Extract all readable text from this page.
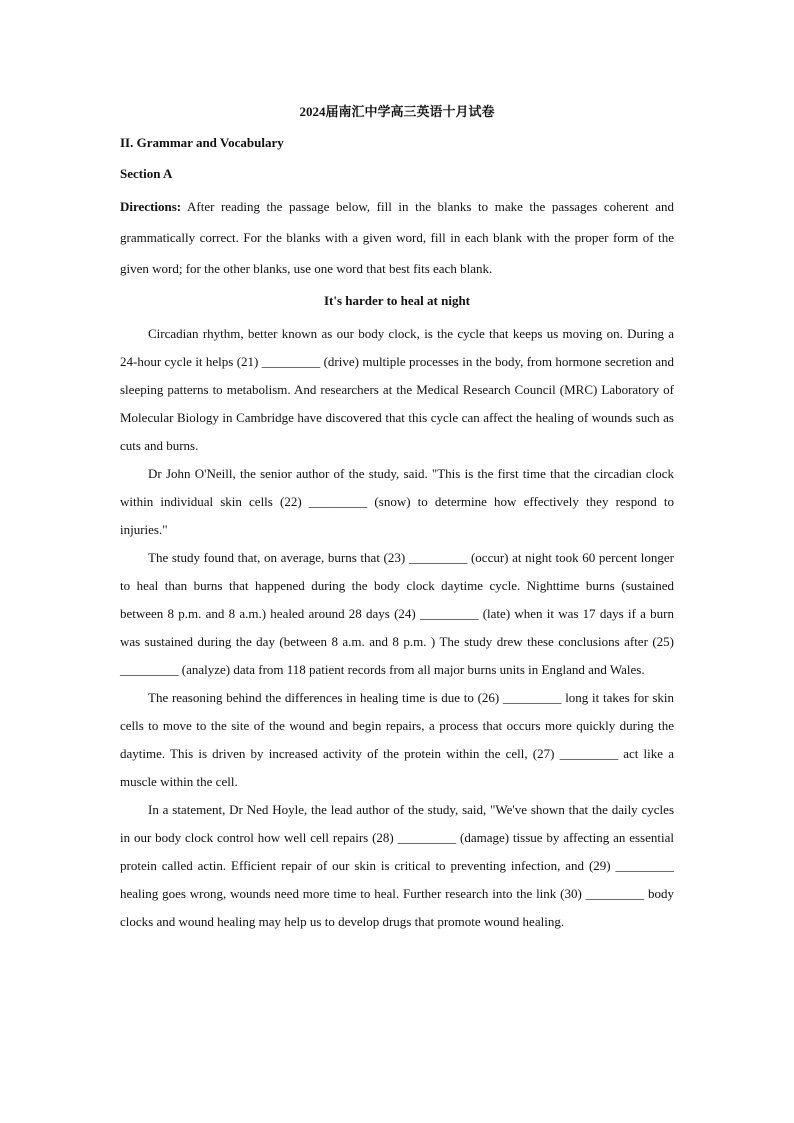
2024届南汇中学高三英语十月试卷
II. Grammar and Vocabulary
Section A
Directions: After reading the passage below, fill in the blanks to make the passages coherent and grammatically correct. For the blanks with a given word, fill in each blank with the proper form of the given word; for the other blanks, use one word that best fits each blank.
It's harder to heal at night

Circadian rhythm, better known as our body clock, is the cycle that keeps us moving on. During a 24-hour cycle it helps (21) _________ (drive) multiple processes in the body, from hormone secretion and sleeping patterns to metabolism. And researchers at the Medical Research Council (MRC) Laboratory of Molecular Biology in Cambridge have discovered that this cycle can affect the healing of wounds such as cuts and burns.

Dr John O'Neill, the senior author of the study, said. "This is the first time that the circadian clock within individual skin cells (22) _________ (snow) to determine how effectively they respond to injuries."

The study found that, on average, burns that (23) _________ (occur) at night took 60 percent longer to heal than burns that happened during the body clock daytime cycle. Nighttime burns (sustained between 8 p.m. and 8 a.m.) healed around 28 days (24) _________ (late) when it was 17 days if a burn was sustained during the day (between 8 a.m. and 8 p.m. ) The study drew these conclusions after (25) _________ (analyze) data from 118 patient records from all major burns units in England and Wales.

The reasoning behind the differences in healing time is due to (26) _________ long it takes for skin cells to move to the site of the wound and begin repairs, a process that occurs more quickly during the daytime. This is driven by increased activity of the protein within the cell, (27) _________ act like a muscle within the cell.

In a statement, Dr Ned Hoyle, the lead author of the study, said, "We've shown that the daily cycles in our body clock control how well cell repairs (28) _________ (damage) tissue by affecting an essential protein called actin. Efficient repair of our skin is critical to preventing infection, and (29) _________ healing goes wrong, wounds need more time to heal. Further research into the link (30) _________ body clocks and wound healing may help us to develop drugs that promote wound healing.
